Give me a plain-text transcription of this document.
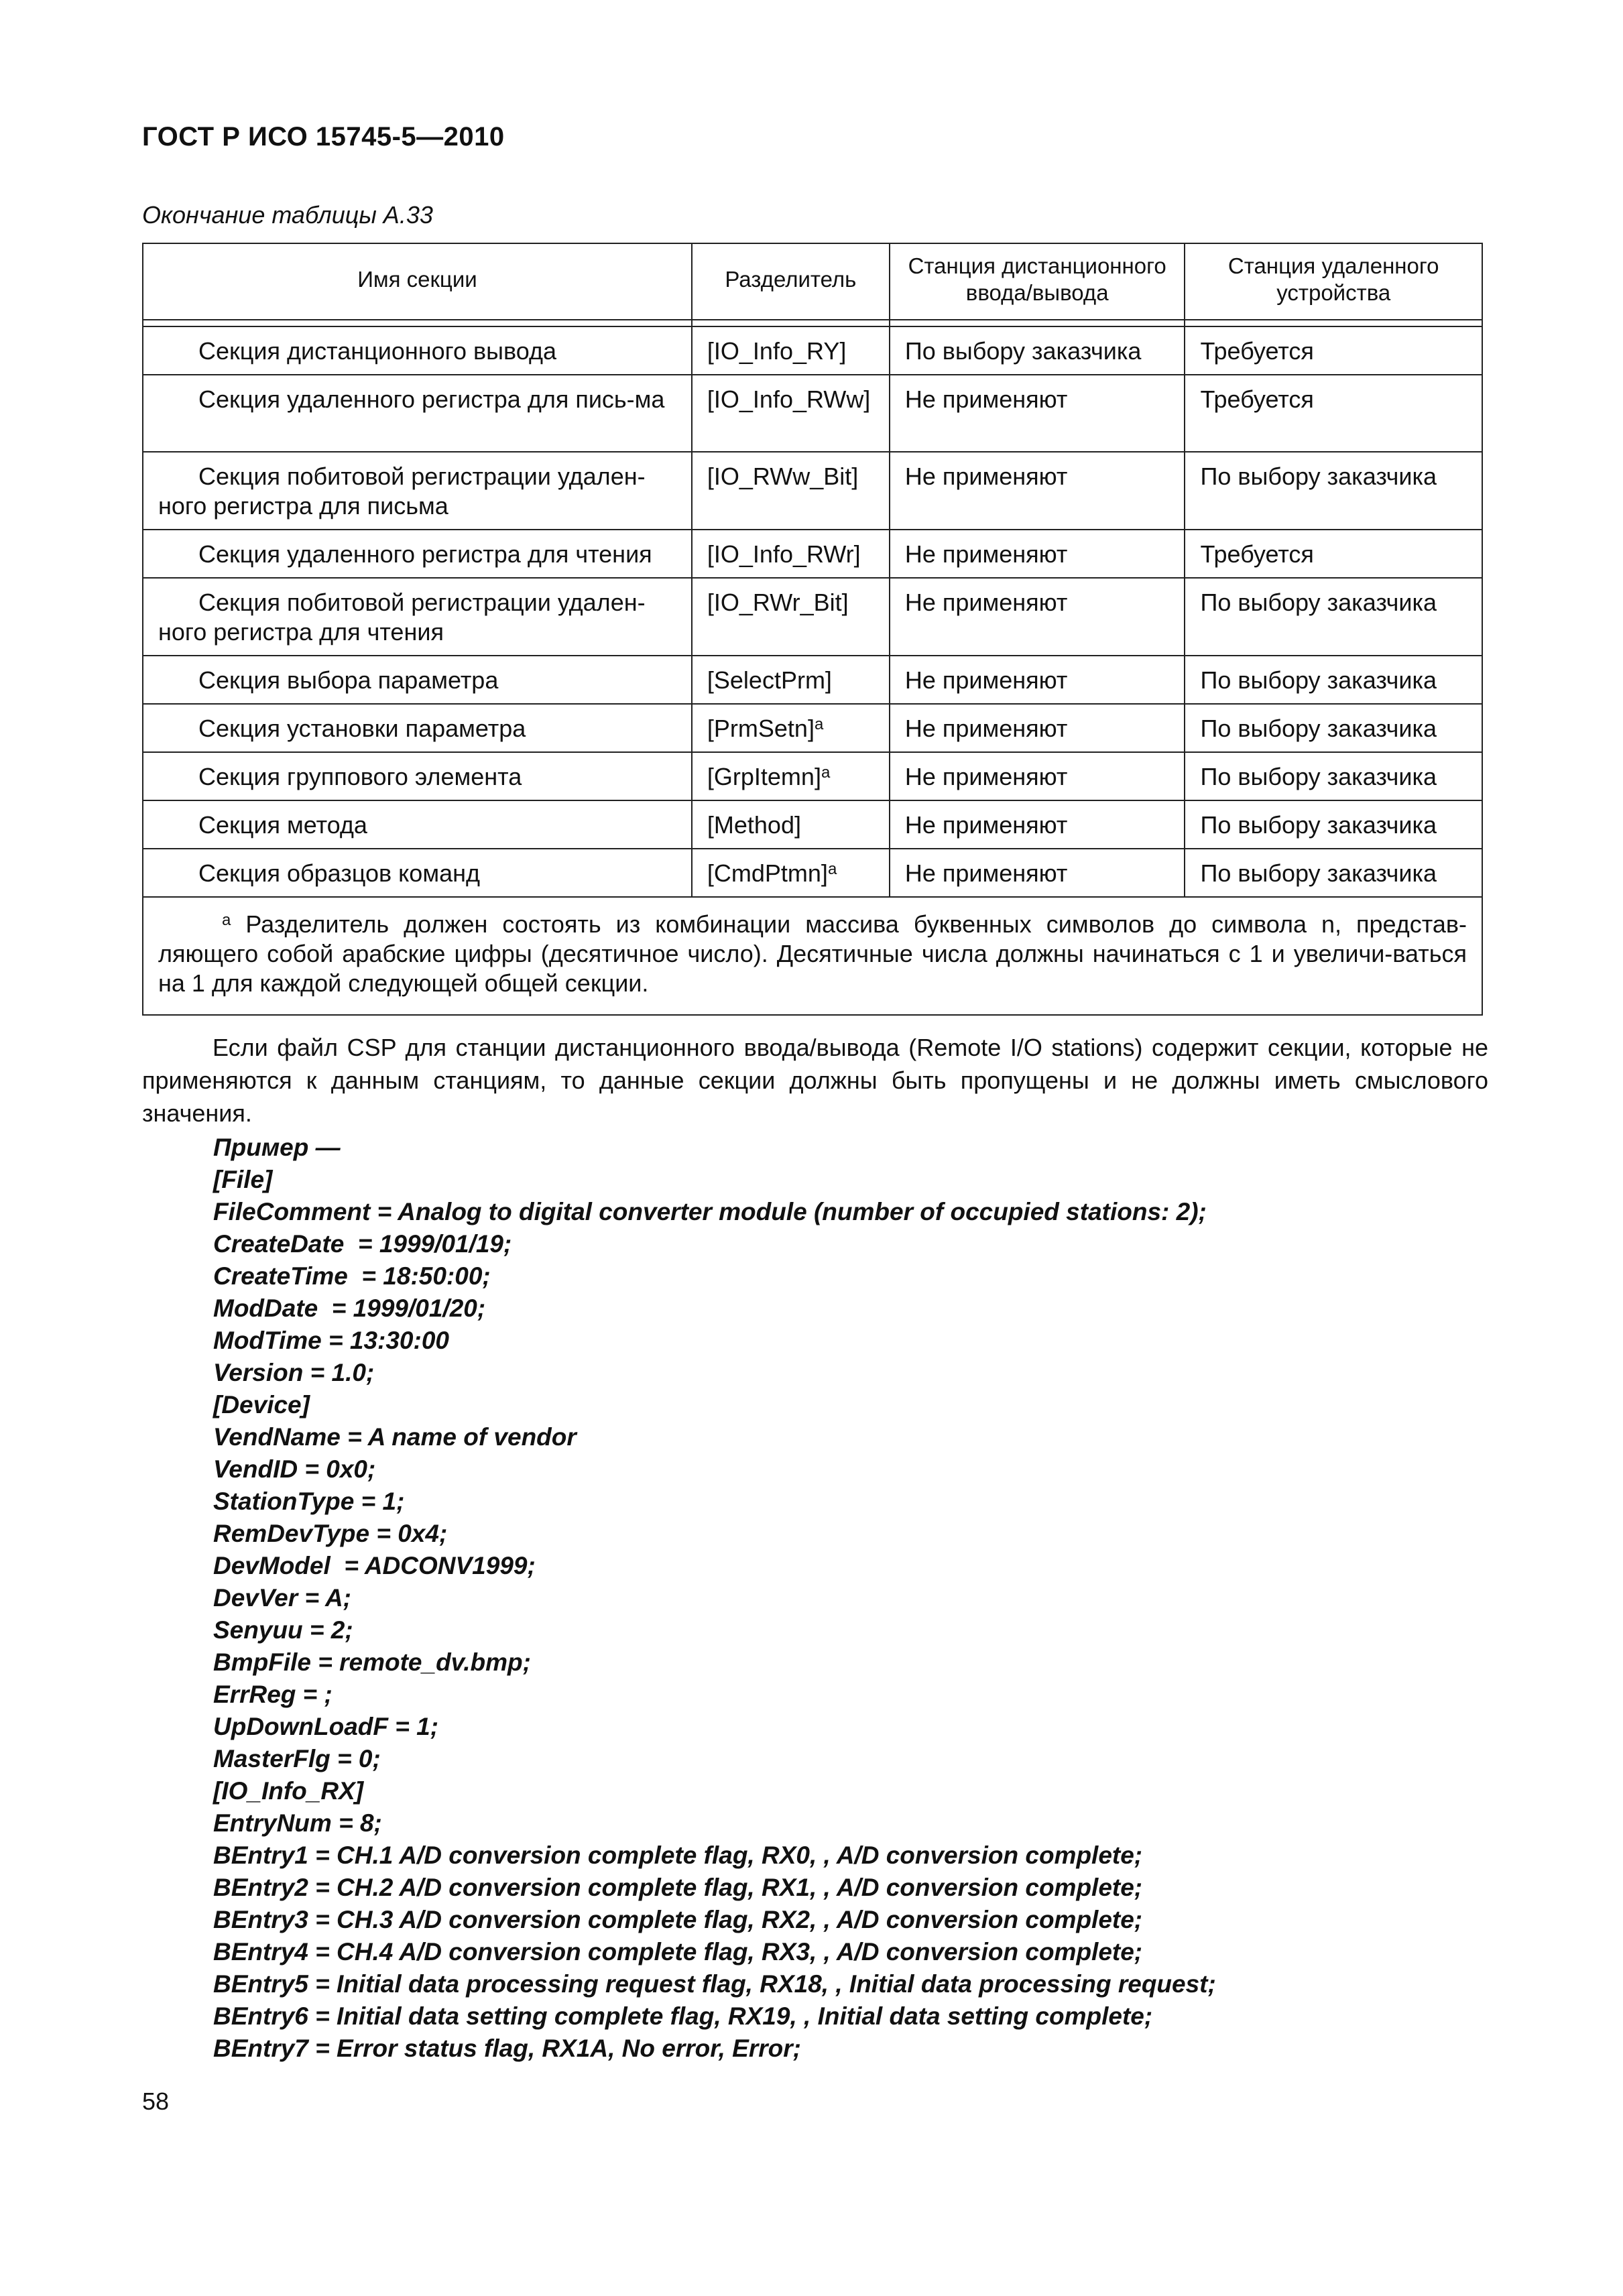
ГОСТ Р ИСО 15745-5—2010
Окончание таблицы А.33
Имя секции	Разделитель	Станция дистанционного ввода/вывода	Станция удаленного устройства

Секция дистанционного вывода	[IO_Info_RY]	По выбору заказчика	Требуется
Секция удаленного регистра для пись-ма	[IO_Info_RWw]	Не применяют	Требуется
Секция побитовой регистрации удален-ного регистра для письма	[IO_RWw_Bit]	Не применяют	По выбору заказчика
Секция удаленного регистра для чтения	[IO_Info_RWr]	Не применяют	Требуется
Секция побитовой регистрации удален-ного регистра для чтения	[IO_RWr_Bit]	Не применяют	По выбору заказчика
Секция выбора параметра	[SelectPrm]	Не применяют	По выбору заказчика
Секция установки параметра	[PrmSetn]$^a$	Не применяют	По выбору заказчика
Секция группового элемента	[GrpItemn]$^a$	Не применяют	По выбору заказчика
Секция метода	[Method]	Не применяют	По выбору заказчика
Секция образцов команд	[CmdPtmn]$^a$	Не применяют	По выбору заказчика
$^a$ Разделитель должен состоять из комбинации массива буквенных символов до символа n, представ-ляющего собой арабские цифры (десятичное число). Десятичные числа должны начинаться с 1 и увеличи-ваться на 1 для каждой следующей общей секции.			
Если файл CSP для станции дистанционного ввода/вывода (Remote I/O stations) содержит секции, которые не применяются к данным станциям, то данные секции должны быть пропущены и не должны иметь смыслового значения.
Пример —
[File]
FileComment = Analog to digital converter module (number of occupied stations: 2);
CreateDate  = 1999/01/19;
CreateTime  = 18:50:00;
ModDate  = 1999/01/20;
ModTime = 13:30:00
Version = 1.0;
[Device]
VendName = A name of vendor
VendID = 0x0;
StationType = 1;
RemDevType = 0x4;
DevModel  = ADCONV1999;
DevVer = A;
Senyuu = 2;
BmpFile = remote_dv.bmp;
ErrReg = ;
UpDownLoadF = 1;
MasterFlg = 0;
[IO_Info_RX]
EntryNum = 8;
BEntry1 = CH.1 A/D conversion complete flag, RX0, , A/D conversion complete;
BEntry2 = CH.2 A/D conversion complete flag, RX1, , A/D conversion complete;
BEntry3 = CH.3 A/D conversion complete flag, RX2, , A/D conversion complete;
BEntry4 = CH.4 A/D conversion complete flag, RX3, , A/D conversion complete;
BEntry5 = Initial data processing request flag, RX18, , Initial data processing request;
BEntry6 = Initial data setting complete flag, RX19, , Initial data setting complete;
BEntry7 = Error status flag, RX1A, No error, Error;
58
